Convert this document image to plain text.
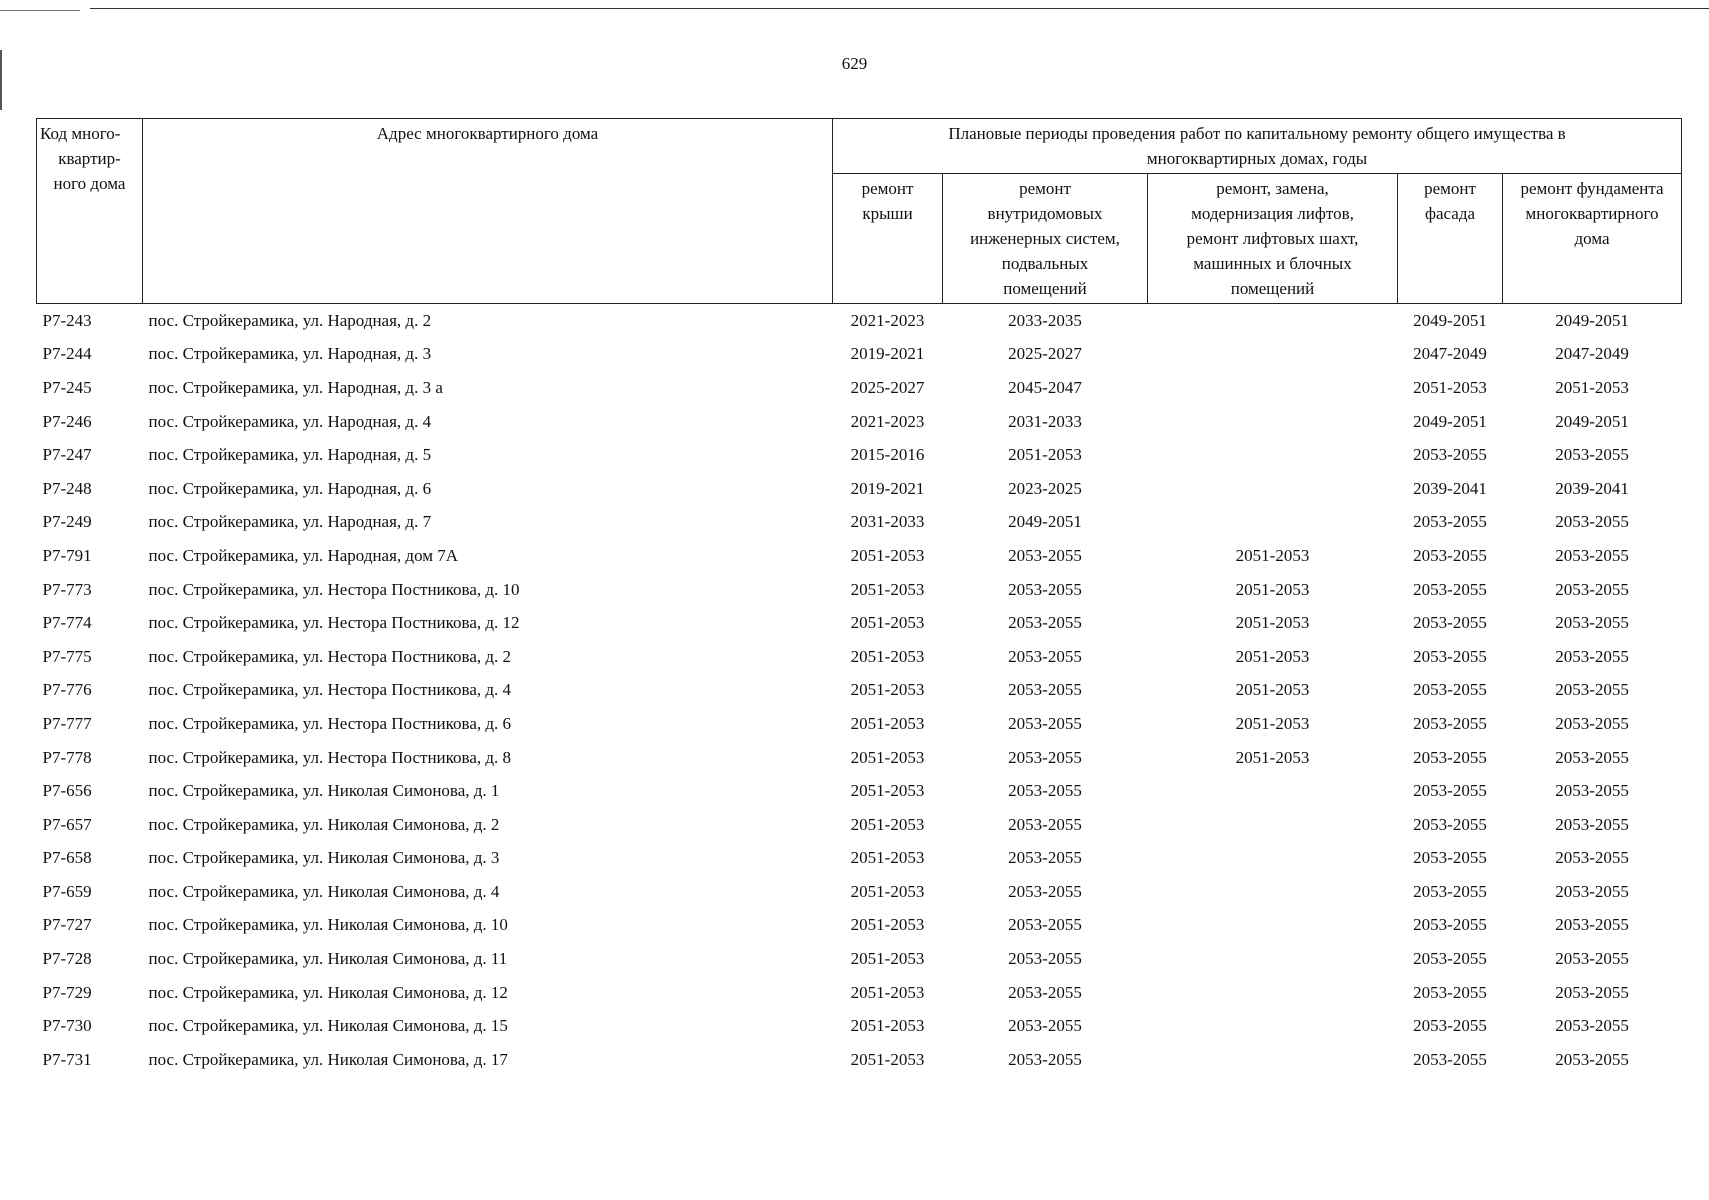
629
Код много-
квартир-
ного дома	Адрес многоквартирного дома	Плановые периоды проведения работ по капитальному ремонту общего имущества в
многоквартирных домах, годы				

		ремонт
крыши	ремонт
внутридомовых
инженерных систем,
подвальных
помещений	ремонт, замена,
модернизация лифтов,
ремонт лифтовых шахт,
машинных и блочных
помещений	ремонт
фасада	ремонт фундамента
многоквартирного
дома

Р7-243	пос. Стройкерамика, ул. Народная, д. 2	2021-2023	2033-2035		2049-2051	2049-2051
Р7-244	пос. Стройкерамика, ул. Народная, д. 3	2019-2021	2025-2027		2047-2049	2047-2049
Р7-245	пос. Стройкерамика, ул. Народная, д. 3 а	2025-2027	2045-2047		2051-2053	2051-2053
Р7-246	пос. Стройкерамика, ул. Народная, д. 4	2021-2023	2031-2033		2049-2051	2049-2051
Р7-247	пос. Стройкерамика, ул. Народная, д. 5	2015-2016	2051-2053		2053-2055	2053-2055
Р7-248	пос. Стройкерамика, ул. Народная, д. 6	2019-2021	2023-2025		2039-2041	2039-2041
Р7-249	пос. Стройкерамика, ул. Народная, д. 7	2031-2033	2049-2051		2053-2055	2053-2055
Р7-791	пос. Стройкерамика, ул. Народная, дом 7А	2051-2053	2053-2055	2051-2053	2053-2055	2053-2055
Р7-773	пос. Стройкерамика, ул. Нестора Постникова, д. 10	2051-2053	2053-2055	2051-2053	2053-2055	2053-2055
Р7-774	пос. Стройкерамика, ул. Нестора Постникова, д. 12	2051-2053	2053-2055	2051-2053	2053-2055	2053-2055
Р7-775	пос. Стройкерамика, ул. Нестора Постникова, д. 2	2051-2053	2053-2055	2051-2053	2053-2055	2053-2055
Р7-776	пос. Стройкерамика, ул. Нестора Постникова, д. 4	2051-2053	2053-2055	2051-2053	2053-2055	2053-2055
Р7-777	пос. Стройкерамика, ул. Нестора Постникова, д. 6	2051-2053	2053-2055	2051-2053	2053-2055	2053-2055
Р7-778	пос. Стройкерамика, ул. Нестора Постникова, д. 8	2051-2053	2053-2055	2051-2053	2053-2055	2053-2055
Р7-656	пос. Стройкерамика, ул. Николая Симонова, д. 1	2051-2053	2053-2055		2053-2055	2053-2055
Р7-657	пос. Стройкерамика, ул. Николая Симонова, д. 2	2051-2053	2053-2055		2053-2055	2053-2055
Р7-658	пос. Стройкерамика, ул. Николая Симонова, д. 3	2051-2053	2053-2055		2053-2055	2053-2055
Р7-659	пос. Стройкерамика, ул. Николая Симонова, д. 4	2051-2053	2053-2055		2053-2055	2053-2055
Р7-727	пос. Стройкерамика, ул. Николая Симонова, д. 10	2051-2053	2053-2055		2053-2055	2053-2055
Р7-728	пос. Стройкерамика, ул. Николая Симонова, д. 11	2051-2053	2053-2055		2053-2055	2053-2055
Р7-729	пос. Стройкерамика, ул. Николая Симонова, д. 12	2051-2053	2053-2055		2053-2055	2053-2055
Р7-730	пос. Стройкерамика, ул. Николая Симонова, д. 15	2051-2053	2053-2055		2053-2055	2053-2055
Р7-731	пос. Стройкерамика, ул. Николая Симонова, д. 17	2051-2053	2053-2055		2053-2055	2053-2055
